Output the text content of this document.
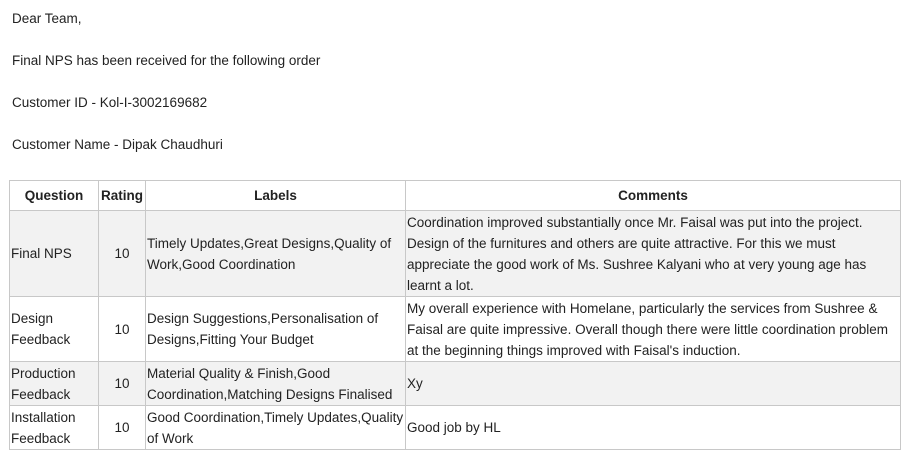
Dear Team,

Final NPS has been received for the following order

Customer ID - Kol-I-3002169682

Customer Name - Dipak Chaudhuri

Question	Rating	Labels	Comments
Final NPS	10	Timely Updates,Great Designs,Quality of Work,Good Coordination	Coordination improved substantially once Mr. Faisal was put into the project. Design of the furnitures and others are quite attractive. For this we must appreciate the good work of Ms. Sushree Kalyani who at very young age has learnt a lot.
Design Feedback	10	Design Suggestions,Personalisation of Designs,Fitting Your Budget	My overall experience with Homelane, particularly the services from Sushree & Faisal are quite impressive. Overall though there were little coordination problem at the beginning things improved with Faisal's induction.
Production Feedback	10	Material Quality & Finish,Good Coordination,Matching Designs Finalised	Xy
Installation Feedback	10	Good Coordination,Timely Updates,Quality of Work	Good job by HL
